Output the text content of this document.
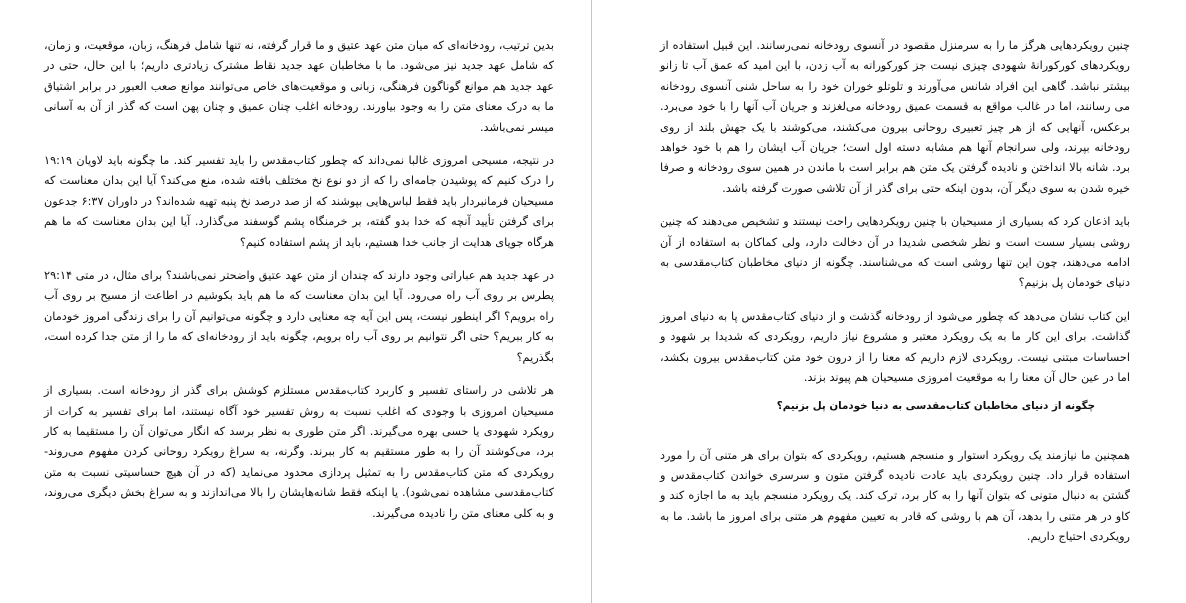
بدین ترتیب، رودخانه‌ای که میان متن عهد عتیق و ما قرار گرفته، نه تنها شامل فرهنگ، زبان، موقعیت، و زمان، که شامل عهد جدید نیز می‌شود. ما با مخاطبان عهد جدید نقاط مشترک زیادتری داریم؛ با این حال، حتی در عهد جدید هم موانع گوناگون فرهنگی، زبانی و موقعیت‌های خاص می‌توانند موانع صعب العبور در برابر اشتیاق ما به درک معنای متن را به وجود بیاورند. رودخانه اغلب چنان عمیق و چنان پهن است که گذر از آن به آسانی میسر نمی‌باشد.

در نتیجه، مسیحی امروزی غالبا نمی‌داند که چطور کتاب‌مقدس را باید تفسیر کند. ما چگونه باید لاویان ۱۹:۱۹ را درک کنیم که پوشیدن جامه‌ای را که از دو نوع نخ مختلف بافته شده، منع می‌کند؟ آیا این بدان معناست که مسیحیان فرمانبردار باید فقط لباس‌هایی بپوشند که از صد درصد نخ پنبه تهیه شده‌اند؟ در داوران ۶:۳۷ جدعون برای گرفتن تأیید آنچه که خدا بدو گفته، بر خرمنگاه پشم گوسفند می‌گذارد. آیا این بدان معناست که ما هم هرگاه جویای هدایت از جانب خدا هستیم، باید از پشم استفاده کنیم؟

در عهد جدید هم عباراتی وجود دارند که چندان از متن عهد عتیق واضحتر نمی‌باشند؟ برای مثال، در متی ۲۹:۱۴ پطرس بر روی آب راه می‌رود. آیا این بدان معناست که ما هم باید بکوشیم در اطاعت از مسیح بر روی آب راه برویم؟ اگر اینطور نیست، پس این آیه چه معنایی دارد و چگونه می‌توانیم آن را برای زندگی امروز خودمان به کار ببریم؟ حتی اگر نتوانیم بر روی آب راه برویم، چگونه باید از رودخانه‌ای که ما را از متن جدا کرده است، بگذریم؟

هر تلاشی در راستای تفسیر و کاربرد کتاب‌مقدس مستلزم کوشش برای گذر از رودخانه است. بسیاری از مسیحیان امروزی با وجودی که اغلب نسبت به روش تفسیر خود آگاه نیستند، اما برای تفسیر به کرات از رویکرد شهودی یا حسی بهره می‌گیرند. اگر متن طوری به نظر برسد که انگار می‌توان آن را مستقیما به کار برد، می‌کوشند آن را به طور مستقیم به کار ببرند. وگرنه، به سراغ رویکرد روحانی کردن مفهوم می‌روند- رویکردی که متن کتاب‌مقدس را به تمثیل پردازی محدود می‌نماید (که در آن هیچ حساسیتی نسبت به متن کتاب‌مقدسی مشاهده نمی‌شود). یا اینکه فقط شانه‌هایشان را بالا می‌اندازند و به سراغ بخش دیگری می‌روند، و به کلی معنای متن را نادیده می‌گیرند.

چنین رویکردهایی هرگز ما را به سرمنزل مقصود در آنسوی رودخانه نمی‌رسانند. این قبیل استفاده از رویکردهای کورکورانهٔ شهودی چیزی نیست جز کورکورانه به آب زدن، با این امید که عمق آب تا زانو بیشتر نباشد. گاهی این افراد شانس می‌آورند و تلوتلو خوران خود را به ساحل شنی آنسوی رودخانه می رسانند، اما در غالب مواقع به قسمت عمیق رودخانه می‌لغزند و جریان آب آنها را با خود می‌برد. برعکس، آنهایی که از هر چیز تعبیری روحانی بیرون می‌کشند، می‌کوشند با یک جهش بلند از روی رودخانه بپرند، ولی سرانجام آنها هم مشابه دسته اول است؛ جریان آب ایشان را هم با خود خواهد برد. شانه بالا انداختن و نادیده گرفتن یک متن هم برابر است با ماندن در همین سوی رودخانه و صرفا خیره شدن به سوی دیگر آن، بدون اینکه حتی برای گذر از آن تلاشی صورت گرفته باشد.

باید اذعان کرد که بسیاری از مسیحیان با چنین رویکردهایی راحت نیستند و تشخیص می‌دهند که چنین روشی بسیار سست است و نظر شخصی شدیدا در آن دخالت دارد، ولی کماکان به استفاده از آن ادامه می‌دهند، چون این تنها روشی است که می‌شناسند. چگونه از دنیای مخاطبان کتاب‌مقدسی به دنیای خودمان پل بزنیم؟

این کتاب نشان می‌دهد که چطور می‌شود از رودخانه گذشت و از دنیای کتاب‌مقدس پا به دنیای امروز گذاشت. برای این کار ما به یک رویکرد معتبر و مشروع نیاز داریم، رویکردی که شدیدا بر شهود و احساسات مبتنی نیست. رویکردی لازم داریم که معنا را از درون خود متن کتاب‌مقدس بیرون بکشد، اما در عین حال آن معنا را به موقعیت امروزی مسیحیان هم پیوند بزند.

چگونه از دنیای مخاطبان کتاب‌مقدسی به دنیا خودمان پل بزنیم؟

همچنین ما نیازمند یک رویکرد استوار و منسجم هستیم، رویکردی که بتوان برای هر متنی آن را مورد استفاده قرار داد. چنین رویکردی باید عادت نادیده گرفتن متون و سرسری خواندن کتاب‌مقدس و گشتن به دنبال متونی که بتوان آنها را به کار برد، ترک کند. یک رویکرد منسجم باید به ما اجازه کند و کاو در هر متنی را بدهد، آن هم با روشی که قادر به تعیین مفهوم هر متنی برای امروز ما باشد. ما به رویکردی احتیاج داریم.
